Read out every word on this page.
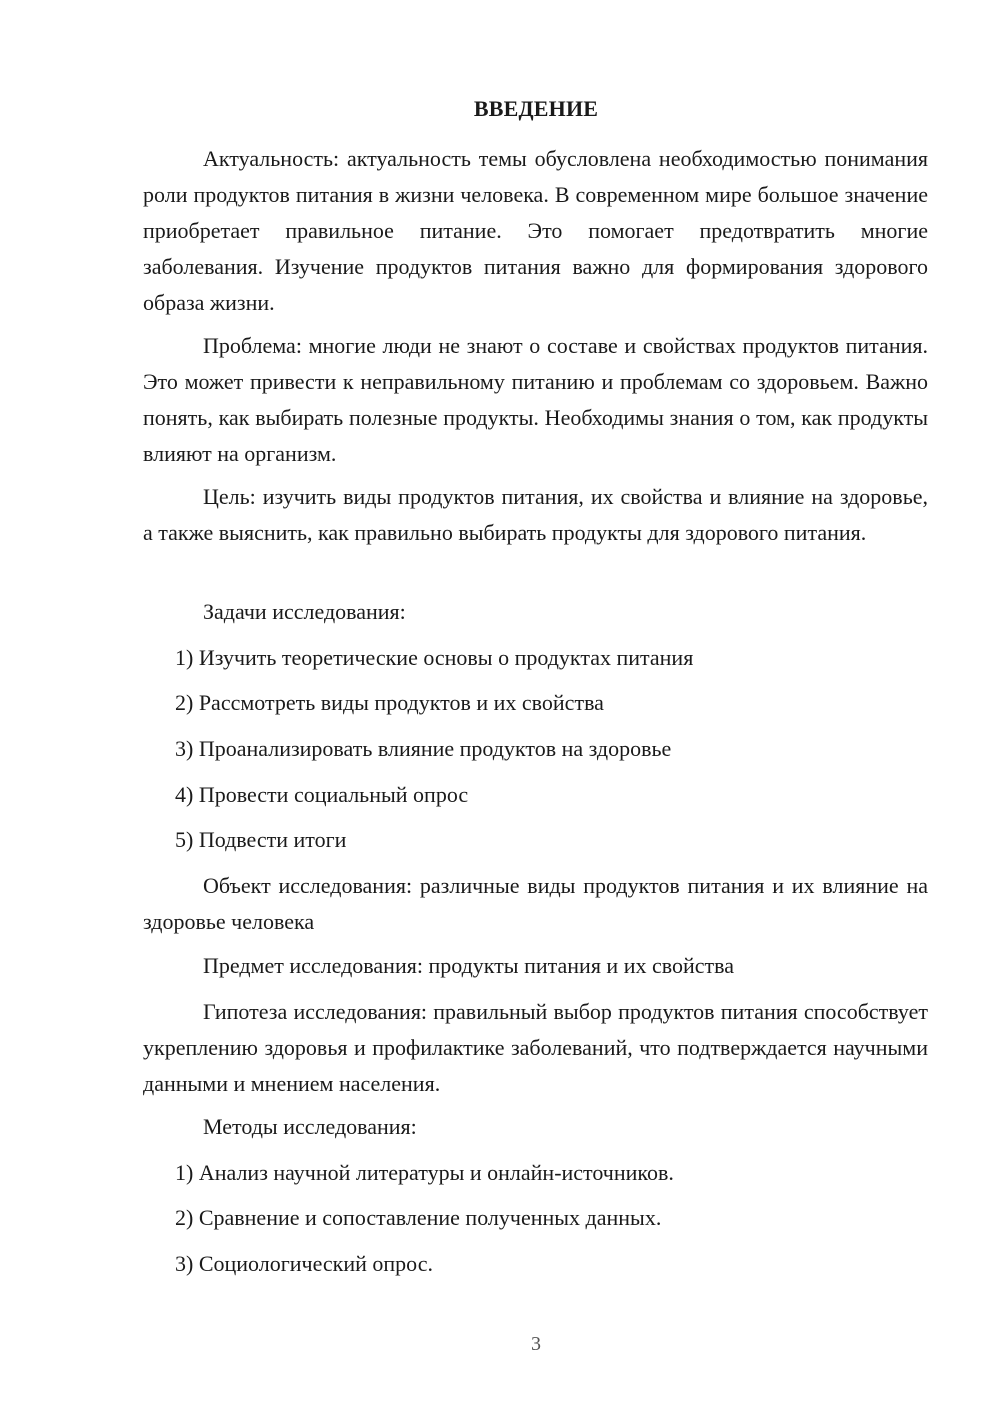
ВВЕДЕНИЕ

Актуальность: актуальность темы обусловлена необходимостью понимания роли продуктов питания в жизни человека. В современном мире большое значение приобретает правильное питание. Это помогает предотвратить многие заболевания. Изучение продуктов питания важно для формирования здорового образа жизни.

Проблема: многие люди не знают о составе и свойствах продуктов питания. Это может привести к неправильному питанию и проблемам со здоровьем. Важно понять, как выбирать полезные продукты. Необходимы знания о том, как продукты влияют на организм.

Цель: изучить виды продуктов питания, их свойства и влияние на здоровье, а также выяснить, как правильно выбирать продукты для здорового питания.

Задачи исследования:

1) Изучить теоретические основы о продуктах питания

2) Рассмотреть виды продуктов и их свойства

3) Проанализировать влияние продуктов на здоровье

4) Провести социальный опрос

5) Подвести итоги

Объект исследования: различные виды продуктов питания и их влияние на здоровье человека

Предмет исследования: продукты питания и их свойства

Гипотеза исследования: правильный выбор продуктов питания способствует укреплению здоровья и профилактике заболеваний, что подтверждается научными данными и мнением населения.

Методы исследования:

1) Анализ научной литературы и онлайн-источников.

2) Сравнение и сопоставление полученных данных.

3) Социологический опрос.

3
